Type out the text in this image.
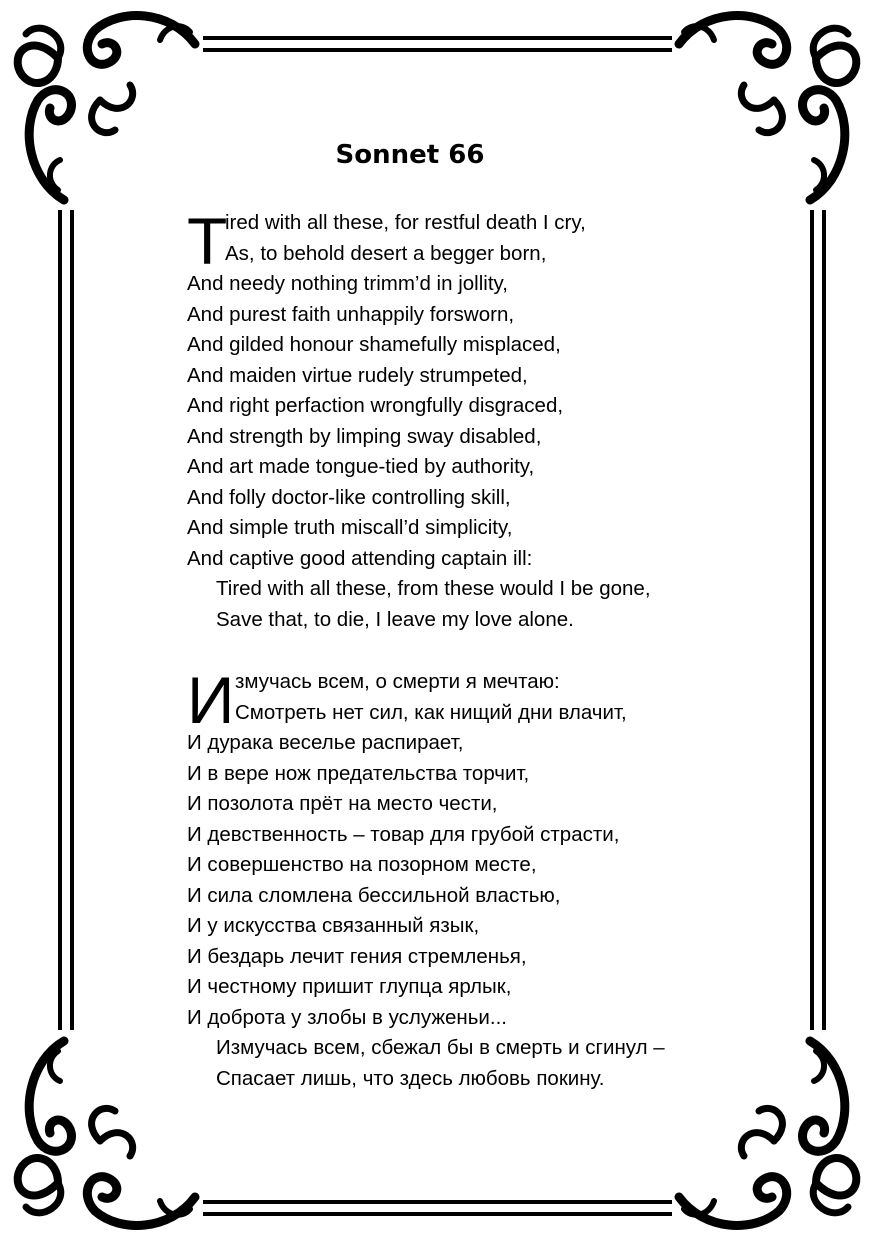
Sonnet 66
T
ired with all these, for restful death I cry,
As, to behold desert a begger born,
And needy nothing trimm’d in jollity,
And purest faith unhappily forsworn,
And gilded honour shamefully misplaced,
And maiden virtue rudely strumpeted,
And right perfaction wrongfully disgraced,
And strength by limping sway disabled,
And art made tongue-tied by authority,
And folly doctor-like controlling skill,
And simple truth miscall’d simplicity,
And captive good attending captain ill:
Tired with all these, from these would I be gone,
Save that, to die, I leave my love alone.
И змучась всем, о смерти я мечтаю:
Смотреть нет сил, как нищий дни влачит,
И дурака веселье распирает,
И в вере нож предательства торчит,
И позолота прёт на место чести,
И девственность – товар для грубой страсти,
И совершенство на позорном месте,
И сила сломлена бессильной властью,
И у искусства связанный язык,
И бездарь лечит гения стремленья,
И честному пришит глупца ярлык,
И доброта у злобы в услуженьи...
Измучась всем, сбежал бы в смерть и сгинул –
Спасает лишь, что здесь любовь покину.
